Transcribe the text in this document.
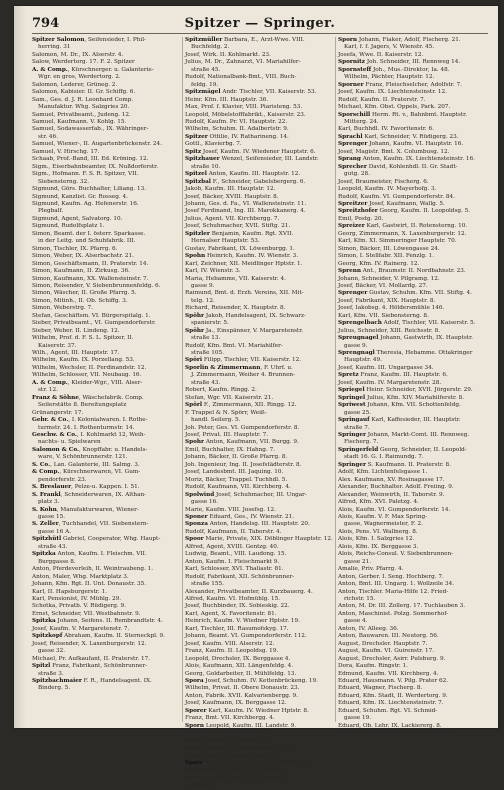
794	Spitzer — Springer.
Spitzer Salomon, Seifensieder, I. Phil-
herring. 31
Salomon, M. Dr., IX. Alserstr. 4.
Salow, Werdertorg. 17. F. 2. Spitzer
A. & Comp., Kürschnerger. u. Galanterie-
Wgr. en gros, Werdertorg. 2.
Salomon, Lederer, Grüneg. 2.
Salomon, Kabisier. II. Gr. Schiffg. 6.
Sam., Ges. d. J. R. Leonhard Comp.
Manufaktur. Whg. Salzgries 20.
Samuel, Privatbeamt., Judeng. 12.
Samuel, Kaufmann. V. Kohlg. 15.
Samuel, Sodawasserfab., IX. Währinger-
str. 46.
Samuel, Wiener-, II. Augartenbrückenstr. 24.
Samuel, V. Hirschg. 17.
Schaab, Prof.-Band, III. Ed. Kröning. 12.
Sigm., Eiserbahnbeamter, IX. Nußdorferstr.
Sigm., Hofmann. F. S. R. Spitzer, VII.
Siebensterng. 32.
Sigmund, Görs. Buchhalter, Liliang. 13.
Sigmund, Kanzlist. Gr. Rosseg. 4.
Sigmund, Kaufm. Ag. Hefenerstr. 16.
Plegbalf.
Sigmund, Agent, Salvatorg. 10.
Sigmund, Rudolfsplatz 1.
Simon, Beamt. der I. österr. Sparkasse.
in der Leitg. und Schuhfabrik. III.
Simon, Tischler, IX. Pfarrg. 6.
Simon, Weber, IX. Alserbachstr. 21.
Simon, Geschäftsmann, II. Praterstr. 14.
Simon, Kaufmann, II. Zirkusg. 36.
Simon, Kaufmann, XX. Wallensteinstr. 7.
Simon, Reisender, V. Siebenbrunnenfeldg. 6.
Simon, Wäscher, II. Große Pfarrg. 5.
Simon, Mitinh., II. Ob. Schiffg. 3.
Simon, Weberstrg. 7.
Stefan, Geschäftsm. VI. Bürgerspitalg. 1.
Sieber, Privatbeamt., VI. Gumpendorferstr.
Sieber, Weber. II. Lindeng. 12.
Wilhelm, Prof. d. F. S. L. Spitzer, II.
Kaiserstr. 37.
Wilh., Agent, III. Hauptstr. 17.
Wilhelm, Kaufm. IX. Porzellang. 53.
Wilhelm, Wechsler, II. Ferdinandstr. 12.
Wilhelm, Schlosser, VII. Neubaug. 16.
A. & Comp., Kleider-Wgr., VIII. Alser-
str. 12.
Franz & Söhne, Wäschefabrik. Comp.
Seilerstätte 8. Bereitungsplatz
Grünangerstr. 17.
Gebr. & Co., I. Kolonialwaren. I. Rothe-
turmstr. 24. I. Rothenturmstr. 14.
Geschw. & Co., I. Kohlmarkt 12, Weih-
nachts- u. Spielwaren
Salomon & Co., Knopffabr. u. Handels-
ware, V. Schönbrunnerstr. 121.
S. Co., Lan. Galanterie, III. Salmg. 3.
& Comp., Kürschnerwaren, VI. Gum-
pendorferstr. 23.
S. Breslauer, Pelze-u. Kappen. I. 51.
S. Frankl, Schneiderwaren, IX. Althan-
platz 3.
S. Kohn, Manufakturwaren, Wiener-
gasse 15.
S. Zeller, Tuchhandel, VII. Siebenstern-
gasse 16 A.
Spitzhütl Gabriel, Cooperator, Whg. Haupt-
straße 43.
Spitzka Anton, Kaufm. I. Fleischm. VII.
Burggasse 8.
Anton, Pferdeverleih, II. Weintraubeng. 1.
Anton, Maler, Whg. Marktplatz 3.
Johann, Kfm. Rgt. II. Unt. Donaustr. 35.
Karl, II. Hapsburgerstr. 1.
Karl, Pensionist, IV. Mühlg. 29.
Schotka, Privatb. V. Rüdigerg. 9.
Ernst, Schneider, VII. Westbahnstr. 9.
Spitzka Johann, Seifens. II. Rembrandtstr. 4.
Josef, Kaufm. V. Margaretenstr. 7.
Spitzkopf Abraham, Kaufm. II. Sterneckpl. 9.
Josef, Reisender, X. Laxenburgerstr. 12.
gasse 32.
Michael, Pr. Aufkaufant, II. Praterstr. 17.
Spitzl Franz, Fabrikant, Schönbrunner-
straße 3.
Spitzbachmaier F. R., Handelsagent. IX.
Binderg. 5.
Spitzmüller Barbara, E., Arzt-Wwe. VIII.
Buchfeldg. 2.
Josef, Wirk. II. Kohlmarkt. 23.
Julius, M. Dr., Zahnarzt, VI. Mariahilfer-
straße 45.
Rudolf, Nationalbank-Bmt., VIII. Buch-
feldg. 19.
Spitzmägel Andr. Tischler, VII. Kaiserstr. 53.
Heinr. Kfm. III. Hauptstr. 36.
Max, Prof. f. Klavier, VIII. Piaristeng. 53.
Leopold, Möbelstofffabrikt., Kaiserstr. 23.
Rudolf, Kaufm. Pr. VI. Hauptstr. 22.
Wilhelm, Schuhm. II. Adalbertstr. 9.
Spitzer Ottilie, IV. Ratharineng. 14.
Gottl., Klavierbg. 7.
Spitz Josef, Kaufm. IV. Wiedener Hauptstr. 6.
Spitzhauer Wenzel, Seifensieder, III. Landstr.
straße 10.
Spitzel Anton, Kaufm. III. Hauptstr. 12.
Spitzbal F., Schneider, Gabelsbergerg. 6.
Jakob, Kaufm. III. Hauptstr. 12.
Josef, Bäcker, XVIII. Hauptstr. 8.
Johann, Ges. d. Fa., VI. Wallensteinstr. 11.
Josef Ferdinand, Ing. III. Marokkanerg. 4.
Julius, Agent. VII. Kirchbergg. 7.
Josef, Schuhmacher, XVII. Stiftg. 21.
Spitzler Benjamin, Kaufm. Rgt. XVII.
Hernalser Hauptstr. 53.
Gustav, Fabrikant, IX. Löwenburgg. 1.
Spohn Heinrich, Kaufm. IV. Wienstr. 3.
Karl, Zeichner, XII. Meidlinger Hptstr. 1.
Karl, IV. Wienstr. 3.
Maria, Hebamme, VII. Kaiserstr. 4.
gasse 9.
Raimund, Bmt. d. Erzh. Vereins, XII. Mit-
telg. 12.
Richard, Reisender, X. Hauptstr. 8.
Spöhr Jakob, Handelsagent, IX. Schwarz-
spanierstr. 5.
Spöhr Ja., Einspänner, V. Margaretenstr.
straße 13.
Rudolf, Kfm. Bmt. VI. Mariahilfer-
straße 105.
Spöri Filipp, Tischler, VII. Kaiserstr. 12.
Sporlin & Zimmermann, F. Uhrf. u.
J. Zimmermann, Weiher 4. Brunnen-
straße 43.
Robert, Kaufm. Ringg. 2.
Stefan, Wgr. VII. Kaiserstr. 21.
Spörl F., Zimmermann, XII. Ringg. 12.
F. Trappel & N. Spörr, Weiß-
handl. Seilerg. 5.
Joh. Peter, Ges. VI. Gumpendorferstr. 8.
Josef, Privat. III. Hauptstr. 7.
Spohr Anton, Kaufmann, VII. Burgg. 9.
Emil, Buchhalter, IX. Hahng. 7.
Johann, Bäcker, II. Große Pfarrg. 8.
Joh. Ingenieur, Ing. II. Josefstädterstr. 8.
Josef, Landesbmt. III. Jaquing. 10.
Moriz, Bäcker, Trappel. Tuchhdl. 5.
Rudolf, Kaufmann, VII. Kirchberg. 4.
Spolwind Josef, Schuhmacher, III. Ungar-
gasse 16.
Marie, Kaufm. VIII. Josefsg. 12.
Sponer Eduard, Ges., IV. Wienstr. 21.
Sponza Anton, Handelsg. III. Hauptstr. 20.
Rudolf, Kaufmann, II. Taborstr. 4.
Spoor Marie, Private, XIX. Döblinger Hauptstr. 12.
Alfred, Agent, XVIII. Gentzg. 40.
Ludwig, Beamt., VIII. Laudong. 15.
Anton, Kaufm. I. Fleischmarkt 9.
Karl, Schlosser, XVI. Thaliastr. 81.
Rudolf, Fabrikant, XII. Schönbrunner-
straße 155.
Alexander, Privatbeamter, II. Kurzbauerg. 4.
Alfred, Kaufm. VI. Hofmühlg. 15.
Josef, Buchbinder, IX. Sobieskig. 22.
Karl, Agent, X. Favoritenstr. 81.
Heinrich, Kaufm. V. Wiedner Hptstr. 19.
Karl, Tischler, III. Rasumofskyg. 17.
Johann, Beamt. VI. Gumpendorferstr. 112.
Josef, Kaufm. VIII. Alserstr. 12.
Franz, Kaufm. II. Leopoldsg. 19.
Leopold, Drechsler, IX. Berggasse 4.
Alois, Kaufmann, XII. Längenfeldg. 4.
Georg, Goldarbeiter, II. Mühlfeldg. 13.
Spora Josef, Schuhm. IV. Kettenbrückeng. 19.
Wilhelm, Privat. II. Obere Donaustr. 23.
Anton, Fabrik. XVII. Kalvarienbergg. 9.
Josef, Kaufmann, IX. Berggasse 12.
Sporer Karl, Kaufm. IV. Wiedner Hptstr. 8.
Franz, Bmt. VII. Kirchbergg. 4.
Sporn Leopold, Kaufm. III. Landstr. 9.
Leo, Kaufm. VII. Neubaug. 12.
Moriz, Kaufm. II. Taborstr. 12.
Rudolf, Kaufm. V. Margaretenstr. 12.
Viktor, Bmt. II. Kleine Sperlg. 12.
Sporr Alfred, Kaufm. VI. Mariahilferstr. 20.
Johann, Bmt. d. Stdt. IX. Spitalg. 1.
Johann, L. Priv. Bmt. VII. Zollerg. 3.
gasse 13.
Sporn Johann, Fiaker, Adolf, Fischerg. 21.
Karl, f. f. Jagers, V. Wienstr. 45.
Josefa, Wwe. II. Kaiserstr. 12.
Spornitz Joh. Schneider, III. Rennweg 14.
Spornsteff Joh., Mus.-Direktor, Ia. 48.
Wilhelm, Pächter, Hauptstr. 12.
Sporner Franz, Fleischselcher, Adolfstr. 7.
Josef, Kaufm. IX. Liechtensteinstr. 12.
Rudolf, Kaufm. II. Praterstr. 7.
Michael, Kfm. Obst. Oppels, Park. 207.
Sporschill Herm. Rt. v., Bahnbmt. Hauptstr.
Mitterg. 24.
Karl, Buchhdl. IV. Favoritenstr. 6.
Sprachl Karl, Schneider, V. Rüdigerg. 23.
Sprenger Johann, Kaufm. VI. Hauptstr. 16.
Josef, Magistr. Bmt. X. Columbusg. 12.
Sprang Anton, Kaufm. IX. Liechtensteinstr. 16.
Sprecher David, Kohlenhdl. II. Gr. Stadt-
gutg. 28.
Josef, Braumeister, Fischerg. 6.
Leopold, Kaufm. IV. Mayerhofg. 3.
Rudolf, Kaufm. VI. Gumpendorferstr. 84.
Spreitzer Josef, Kaufmann, Wallg. 5.
Spreitzhofer Georg, Kaufm. II. Leopoldsg. 5.
Emil, Postg. 20.
Spreizer Karl, Gastwirt, II. Rotensterng. 10.
Georg, Zimmermann, X. Laxenburgerstr. 12.
Karl, Kfm. XI. Simmeringer Hauptstr. 70.
Simon, Bäcker, III. Löwengasse 24.
Simon, I. Stellfabr. XII. Fenzlg. 1.
Georg, Kfm. IV. Rainerg. 12.
Sprenn Ant., Braumstr. II. Nordbahnstr. 23.
Johann, Schneider, V. Pilgramg. 12.
Josef, Bäcker, VI. Mollardg. 27.
Sprenger Gustav, Schuhm. Kfm. VII. Stiftg. 4.
Josef, Fabrikant, XIX. Hauptstr. 8.
Josef, Iakobsg. 4. Höldersmühle 146.
Karl, Kfm. VII. Siebensterng. 8.
Sprengelbach Adolf, Tischler, VII. Kaiserstr. 5.
Julius, Schneider, XIII. Reichsstr. 8.
Spreugnagel Johann, Gastwirth, IX. Hauptstr.
gasse 9.
Sprengnagl Theresia, Hebamme. Ottakringer
Hauptstr. 49.
Josef, Kaufm. III. Ungargasse 34.
Spretz Franz, Kaufm. III. Hauptstr. 6.
Josef, Kaufm. IV. Margaretenstr. 28.
Spriegel Heinr. Schneider, XVII. Jörgerstr. 29.
Springel Julius, Kfm. XIV. Mariahilferstr. 8.
Spriwest Johann, Kfm. VII. Schottenfeldg.
gasse 25.
Springauf Karl, Kaffesieder, III. Hauptstr.
straße 7.
Springer Johann, Markt-Comt. III. Rennweg.
Fischerg. 7.
Springerfeld Georg, Schneider, II. Leopold-
stadt 16. G. I. Raimundg. 7.
Springer S. Kaufmann. II. Praterstr. 8.
Adolf, Kfm. Lichtenfelsgasse 1.
Alex. Kaufmann, XV. Rosinagasse 17.
Alexander, Buchhalter. Adolf. Freiing. 9.
Alexander, Weinwirth, II. Taborstr. 9.
Alfred, Kfm. XVI. Paletzg. 4.
Alois, Kaufm. VI. Gumpendorferstr. 14.
Alois, Kaufm. V. F. Max Spring-
gasse, Wagnermeister, F. 2.
Alois, Pens. VI. Wallnerg. 8.
Alois, Kfm. I. Salzgries 12.
Alois, Kfm. IX. Berggasse 3.
Alois, Reichs-Consul. V. Siebenbrunnen-
gasse 21.
Amalie, Priv. Pfarrg. 4.
Anton, Gerber. I. Seng. Hochberg. 7.
Anton, Bmt. III. Ungarg. 1. Wollzeile 34.
Anton, Tischler. Maria-Hilfe 12. Fried-
richstr. 15.
Anton, M. Dr. III. Zollerg. 17. Tuchlauben 3.
Anton, Maschinist. Polzg. Sommerhof-
gasse 4.
Anton, IV. Alleeg. 36.
Anton, Bauwaren. III. Neutorg. 56.
August, Drechsler. Hauptstr. 7.
August, Kaufm. VI. Guirenstr. 17.
August, Drechsler, Asirr. Pulsburg. 9.
Dora, Kaufm. Ringstr. 1.
Edmund, Kaufm. VII. Kirchberg. 4.
Eduard, Hausmann. V. Pilg. Prater 62.
Eduard, Wagner, Fischerg. 8.
Eduard, Kfm. Stadt, II. Werdertorg. 9.
Eduard, Kfm. IX. Liechtensteinstr. 7.
Eduard, Schuhm. Rgt. VI. Schmid-
gasse 19.
Eduard, Ob. Lehr. IX. Lackiererg. 8.
Eduard, Sparkassebmt. II. Hauptstr. 13.
